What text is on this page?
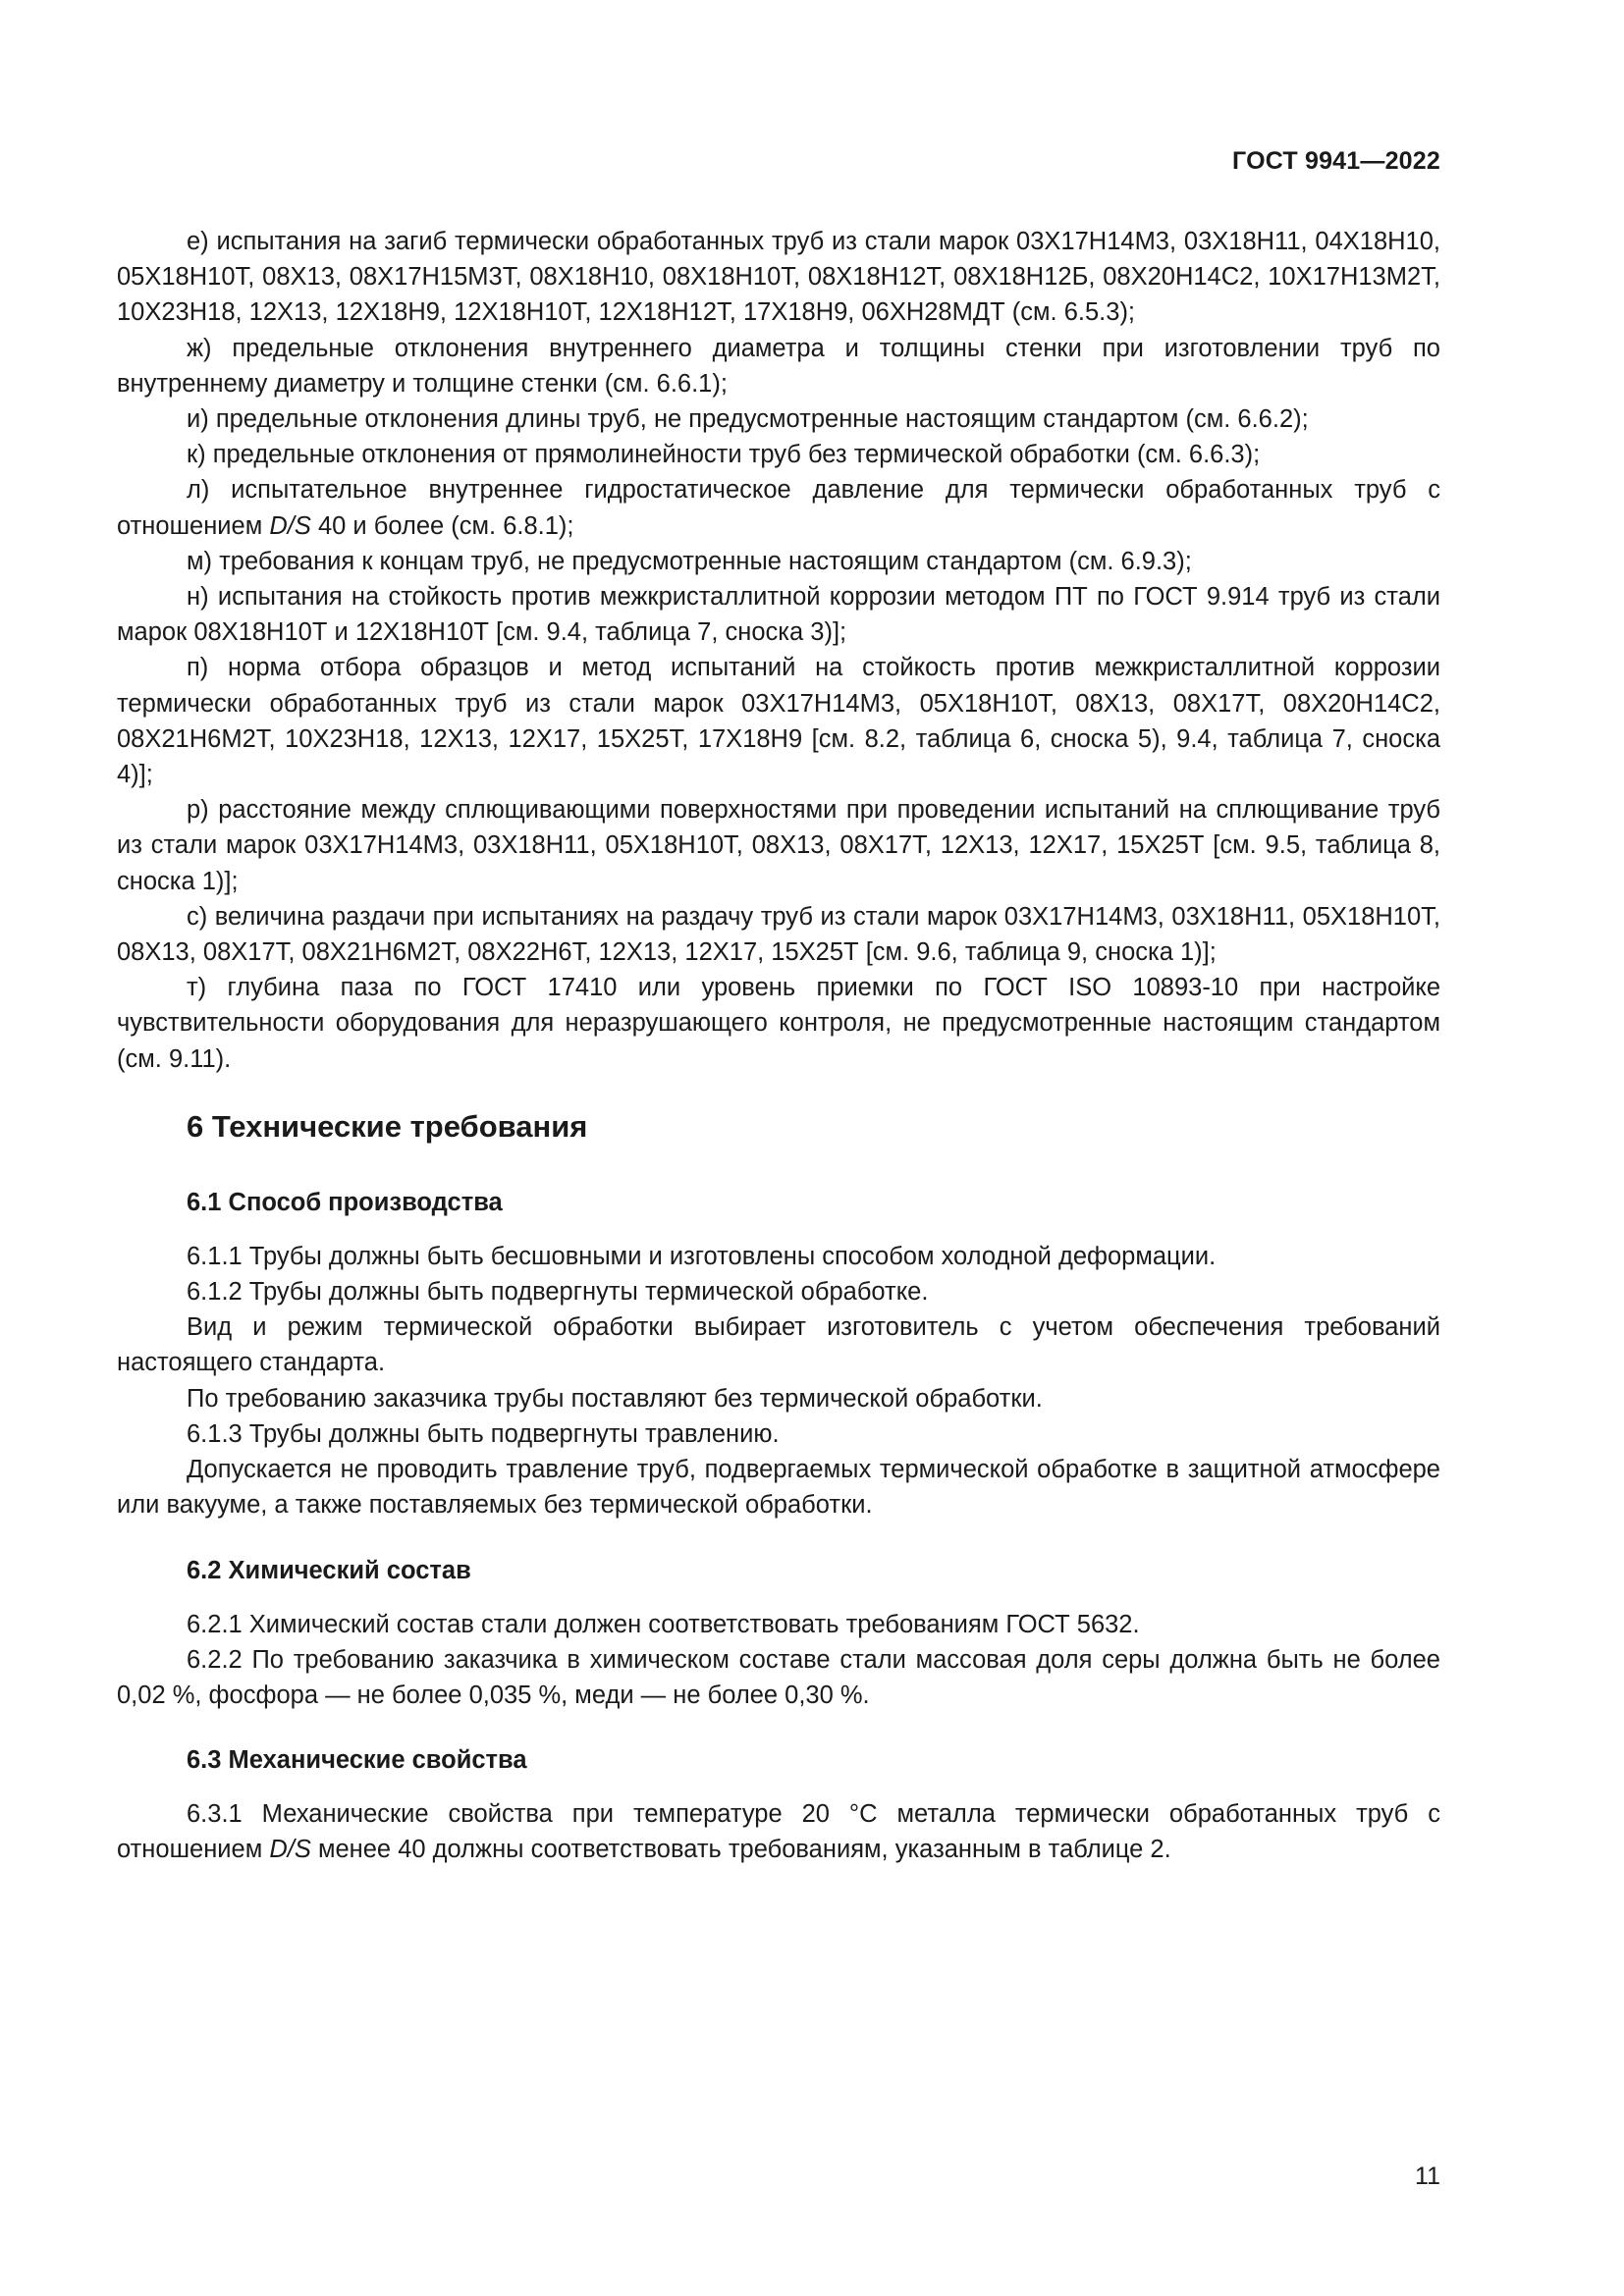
ГОСТ 9941—2022

е) испытания на загиб термически обработанных труб из стали марок 03Х17Н14М3, 03Х18Н11, 04Х18Н10, 05Х18Н10Т, 08Х13, 08Х17Н15М3Т, 08Х18Н10, 08Х18Н10Т, 08Х18Н12Т, 08Х18Н12Б, 08Х20Н14С2, 10Х17Н13М2Т, 10Х23Н18, 12Х13, 12Х18Н9, 12Х18Н10Т, 12Х18Н12Т, 17Х18Н9, 06ХН28МДТ (см. 6.5.3);

ж) предельные отклонения внутреннего диаметра и толщины стенки при изготовлении труб по внутреннему диаметру и толщине стенки (см. 6.6.1);

и) предельные отклонения длины труб, не предусмотренные настоящим стандартом (см. 6.6.2);

к) предельные отклонения от прямолинейности труб без термической обработки (см. 6.6.3);

л) испытательное внутреннее гидростатическое давление для термически обработанных труб с отношением D/S 40 и более (см. 6.8.1);

м) требования к концам труб, не предусмотренные настоящим стандартом (см. 6.9.3);

н) испытания на стойкость против межкристаллитной коррозии методом ПТ по ГОСТ 9.914 труб из стали марок 08Х18Н10Т и 12Х18Н10Т [см. 9.4, таблица 7, сноска 3)];

п) норма отбора образцов и метод испытаний на стойкость против межкристаллитной коррозии термически обработанных труб из стали марок 03Х17Н14М3, 05Х18Н10Т, 08Х13, 08Х17Т, 08Х20Н14С2, 08Х21Н6М2Т, 10Х23Н18, 12Х13, 12Х17, 15Х25Т, 17Х18Н9 [см. 8.2, таблица 6, сноска 5), 9.4, таблица 7, сноска 4)];

р) расстояние между сплющивающими поверхностями при проведении испытаний на сплющивание труб из стали марок 03Х17Н14М3, 03Х18Н11, 05Х18Н10Т, 08Х13, 08Х17Т, 12Х13, 12Х17, 15Х25Т [см. 9.5, таблица 8, сноска 1)];

с) величина раздачи при испытаниях на раздачу труб из стали марок 03Х17Н14М3, 03Х18Н11, 05Х18Н10Т, 08Х13, 08Х17Т, 08Х21Н6М2Т, 08Х22Н6Т, 12Х13, 12Х17, 15Х25Т [см. 9.6, таблица 9, сноска 1)];

т) глубина паза по ГОСТ 17410 или уровень приемки по ГОСТ ISO 10893-10 при настройке чувствительности оборудования для неразрушающего контроля, не предусмотренные настоящим стандартом (см. 9.11).

6 Технические требования
6.1 Способ производства

6.1.1 Трубы должны быть бесшовными и изготовлены способом холодной деформации.

6.1.2 Трубы должны быть подвергнуты термической обработке.

Вид и режим термической обработки выбирает изготовитель с учетом обеспечения требований настоящего стандарта.

По требованию заказчика трубы поставляют без термической обработки.

6.1.3 Трубы должны быть подвергнуты травлению.

Допускается не проводить травление труб, подвергаемых термической обработке в защитной атмосфере или вакууме, а также поставляемых без термической обработки.

6.2 Химический состав

6.2.1 Химический состав стали должен соответствовать требованиям ГОСТ 5632.

6.2.2 По требованию заказчика в химическом составе стали массовая доля серы должна быть не более 0,02 %, фосфора — не более 0,035 %, меди — не более 0,30 %.

6.3 Механические свойства

6.3.1 Механические свойства при температуре 20 °С металла термически обработанных труб с отношением D/S менее 40 должны соответствовать требованиям, указанным в таблице 2.

11
